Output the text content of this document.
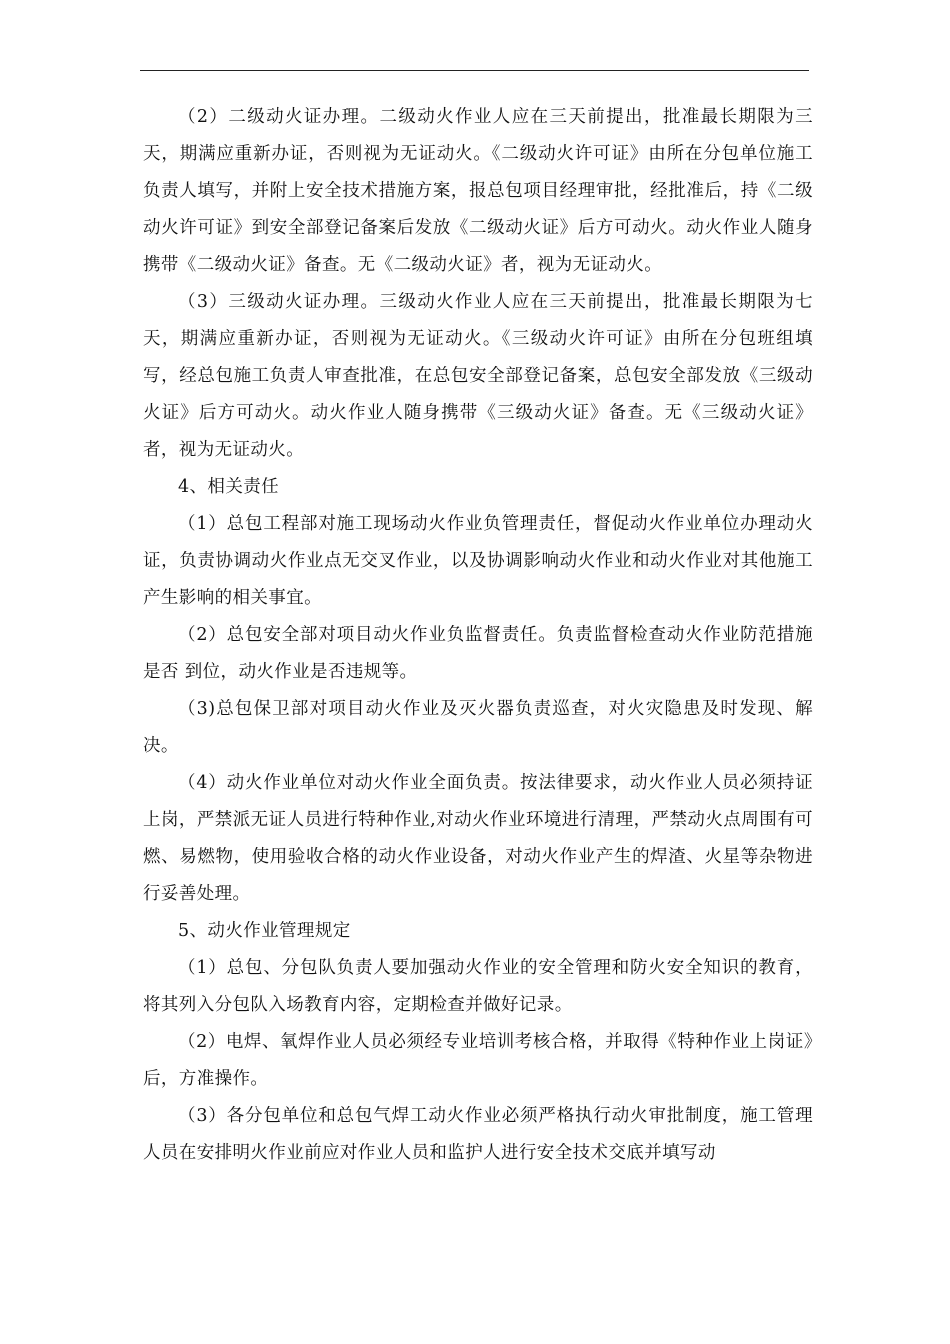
（2）二级动火证办理。二级动火作业人应在三天前提出，批准最长期限为三天，期满应重新办证，否则视为无证动火。《二级动火许可证》由所在分包单位施工负责人填写，并附上安全技术措施方案，报总包项目经理审批，经批准后，持《二级动火许可证》到安全部登记备案后发放《二级动火证》后方可动火。动火作业人随身携带《二级动火证》备查。无《二级动火证》者，视为无证动火。

（3）三级动火证办理。三级动火作业人应在三天前提出，批准最长期限为七天，期满应重新办证，否则视为无证动火。《三级动火许可证》由所在分包班组填写，经总包施工负责人审查批准，在总包安全部登记备案，总包安全部发放《三级动火证》后方可动火。动火作业人随身携带《三级动火证》备查。无《三级动火证》者，视为无证动火。

4、相关责任

（1）总包工程部对施工现场动火作业负管理责任，督促动火作业单位办理动火证，负责协调动火作业点无交叉作业，以及协调影响动火作业和动火作业对其他施工产生影响的相关事宜。

（2）总包安全部对项目动火作业负监督责任。负责监督检查动火作业防范措施是否 到位，动火作业是否违规等。

（3)总包保卫部对项目动火作业及灭火器负责巡查，对火灾隐患及时发现、解决。

（4）动火作业单位对动火作业全面负责。按法律要求，动火作业人员必须持证上岗，严禁派无证人员进行特种作业,对动火作业环境进行清理，严禁动火点周围有可燃、易燃物，使用验收合格的动火作业设备，对动火作业产生的焊渣、火星等杂物进行妥善处理。

5、动火作业管理规定

（1）总包、分包队负责人要加强动火作业的安全管理和防火安全知识的教育，将其列入分包队入场教育内容，定期检查并做好记录。

（2）电焊、氧焊作业人员必须经专业培训考核合格，并取得《特种作业上岗证》后，方准操作。

（3）各分包单位和总包气焊工动火作业必须严格执行动火审批制度，施工管理人员在安排明火作业前应对作业人员和监护人进行安全技术交底并填写动
